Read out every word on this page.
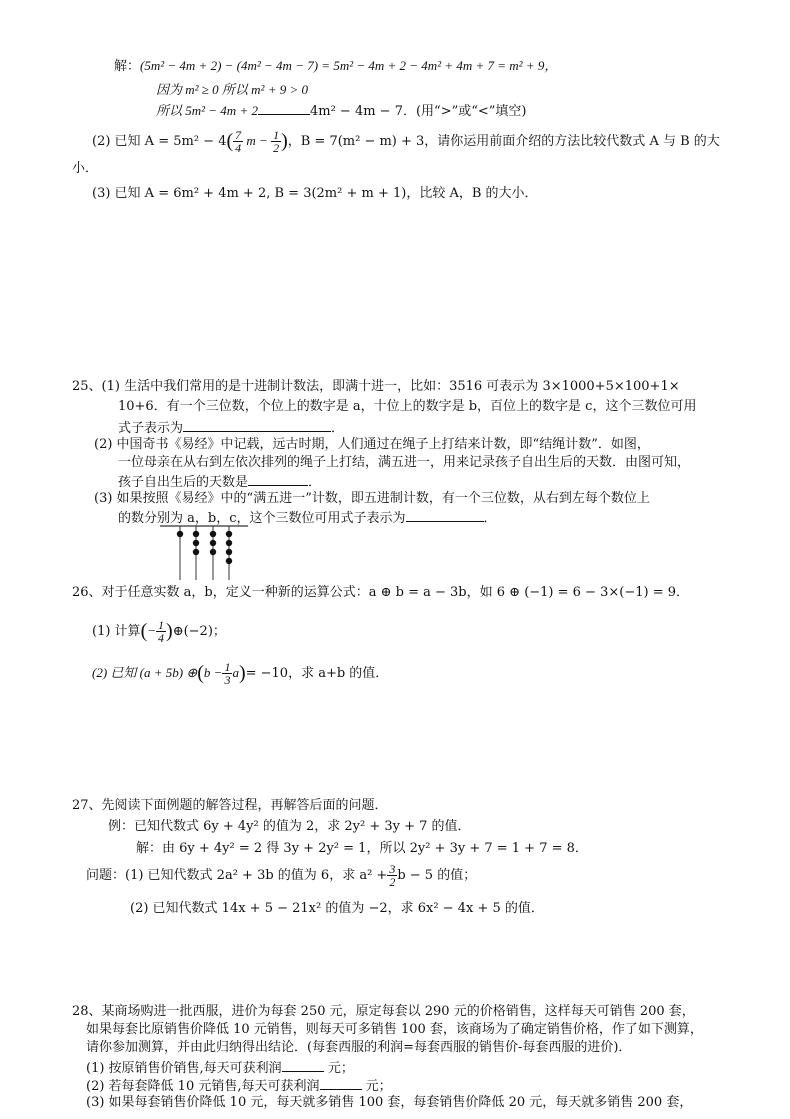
解：(5m² − 4m + 2) − (4m² − 4m − 7) = 5m² − 4m + 2 − 4m² + 4m + 7 = m² + 9，
因为 m² ≥ 0 所以 m² + 9 > 0
所以 5m² − 4m + 2	4m² − 4m − 7．(用“>”或“<”填空)
(2) 已知 $A = 5m^2 - 4( \frac{7}{4}$ $m - \frac{1}{2}$ )，B = 7(m² − m) + 3，请你运用前面介绍的方法比较代数式 A 与 B 的大
小．
(3) 已知 A = 6m² + 4m + 2, B = 3(2m² + m + 1)，比较 A，B 的大小．
25、(1) 生活中我们常用的是十进制计数法，即满十进一，比如：3516 可表示为 3×1000+5×100+1×
10+6．有一个三位数，个位上的数字是 a，十位上的数字是 b，百位上的数字是 c，这个三数位可用
式子表示为	．
(2) 中国奇书《易经》中记载，远古时期，人们通过在绳子上打结来计数，即“结绳计数”．如图，
一位母亲在从右到左依次排列的绳子上打结，满五进一，用来记录孩子自出生后的天数．由图可知，
孩子自出生后的天数是	．
(3) 如果按照《易经》中的“满五进一”计数，即五进制计数，有一个三位数，从右到左每个数位上
的数分别为 a，b，c，这个三数位可用式子表示为	．
26、对于任意实数 a，b，定义一种新的运算公式：a ⊕ b = a − 3b，如 6 ⊕ (−1) = 6 − 3×(−1) = 9．
(1) 计算(− $\frac{1}{4}$ )⊕(−2)；
(2) 已知 (a + 5b) ⊕(b − $\frac{1}{3} a)= -10$，求 a+b 的值．
27、先阅读下面例题的解答过程，再解答后面的问题．
例：已知代数式 6y + 4y² 的值为 2，求 2y² + 3y + 7 的值．
解：由 6y + 4y² = 2 得 3y + 2y² = 1，所以 2y² + 3y + 7 = 1 + 7 = 8．
问题：(1) 已知代数式 2a² + 3b 的值为 6，求 $a^2 + \frac{3}{2}$ b − 5 的值；
(2) 已知代数式 14x + 5 − 21x² 的值为 −2，求 6x² − 4x + 5 的值．
28、某商场购进一批西服，进价为每套 250 元，原定每套以 290 元的价格销售，这样每天可销售 200 套，
如果每套比原销售价降低 10 元销售，则每天可多销售 100 套，该商场为了确定销售价格，作了如下测算，
请你参加测算，并由此归纳得出结论．(每套西服的利润=每套西服的销售价-每套西服的进价)．
(1) 按原销售价销售,每天可获利润	元；
(2) 若每套降低 10 元销售,每天可获利润	元；
(3) 如果每套销售价降低 10 元，每天就多销售 100 套，每套销售价降低 20 元，每天就多销售 200 套，
